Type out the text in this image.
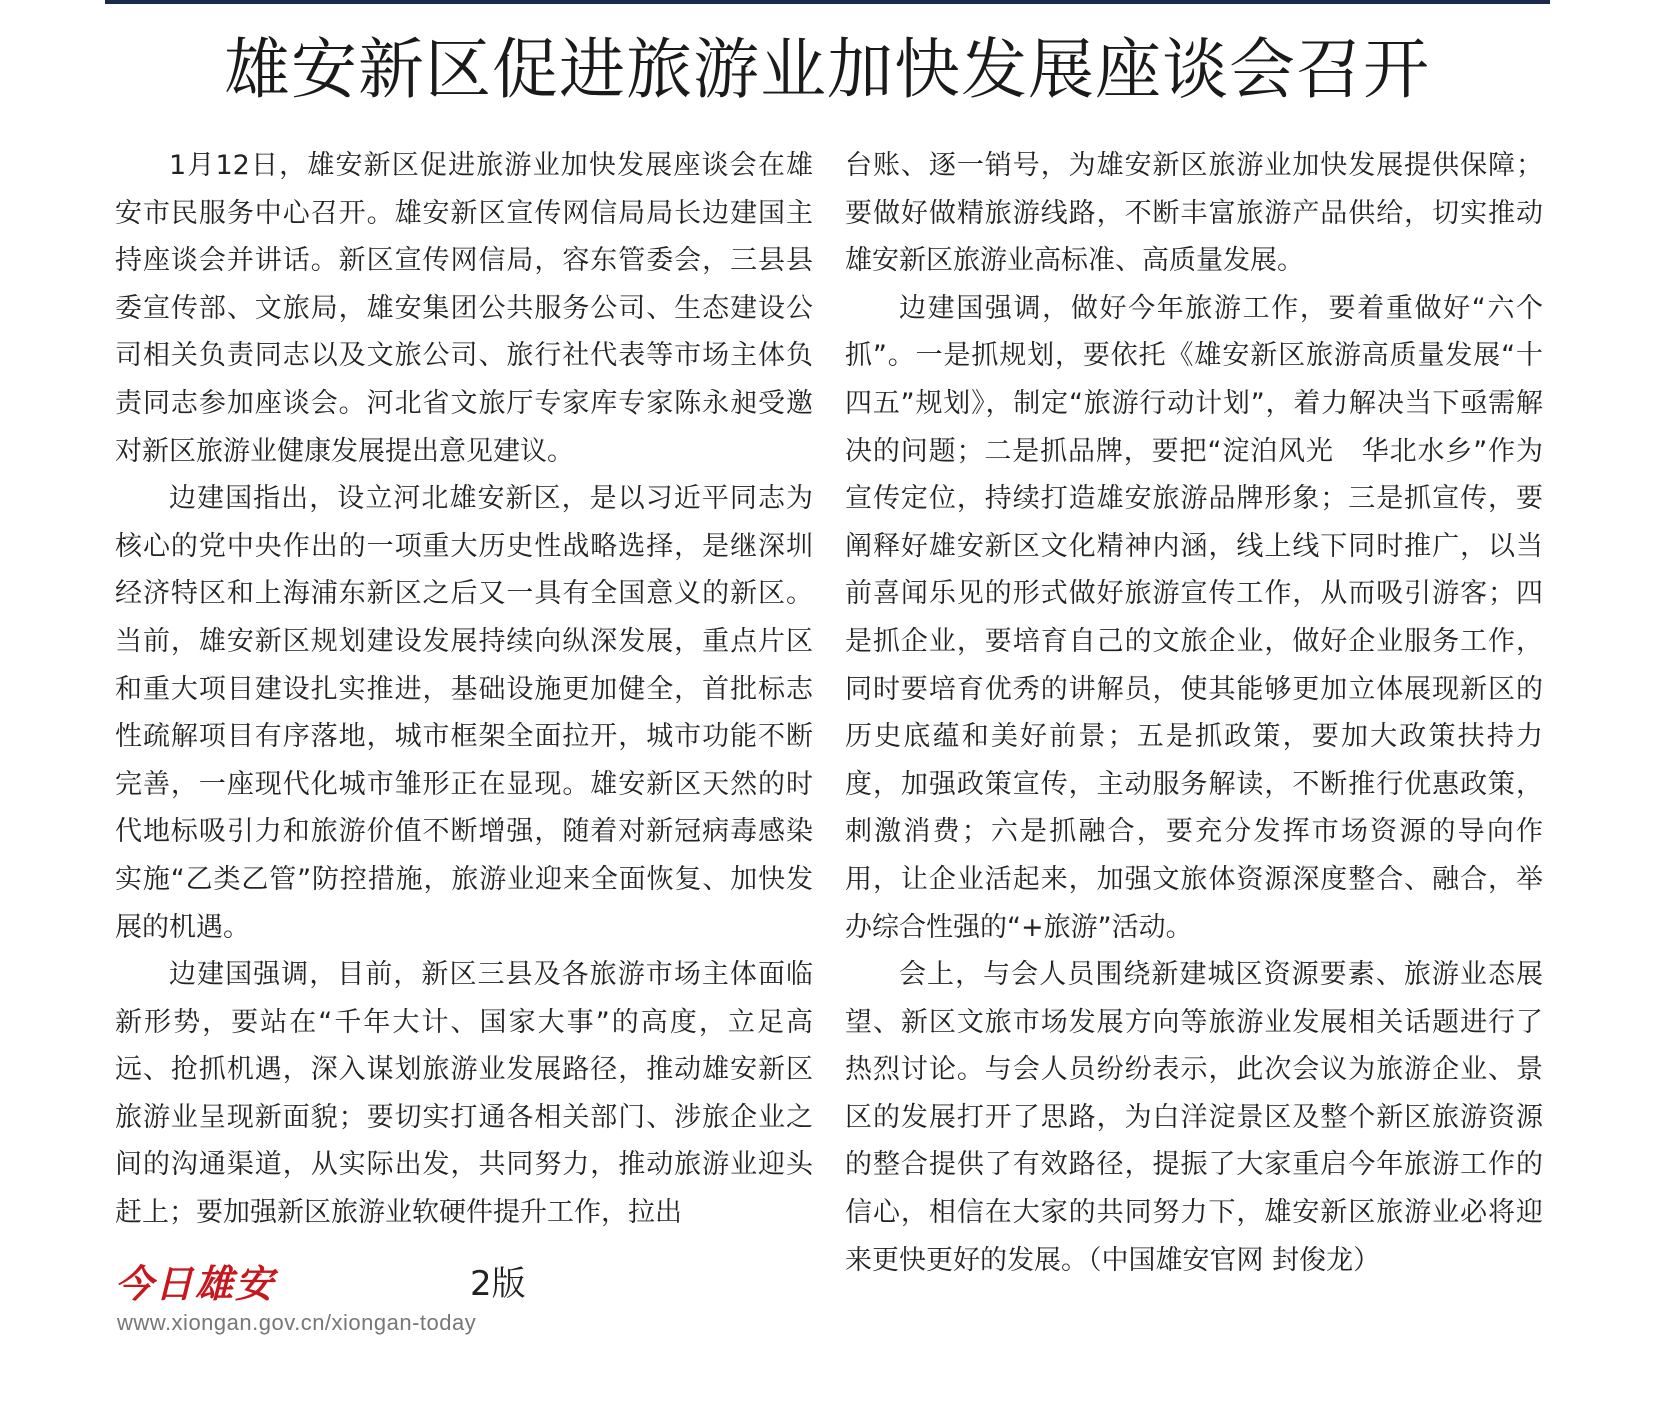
雄安新区促进旅游业加快发展座谈会召开

1月12日，雄安新区促进旅游业加快发展座谈会在雄安市民服务中心召开。雄安新区宣传网信局局长边建国主持座谈会并讲话。新区宣传网信局，容东管委会，三县县委宣传部、文旅局，雄安集团公共服务公司、生态建设公司相关负责同志以及文旅公司、旅行社代表等市场主体负责同志参加座谈会。河北省文旅厅专家库专家陈永昶受邀对新区旅游业健康发展提出意见建议。

边建国指出，设立河北雄安新区，是以习近平同志为核心的党中央作出的一项重大历史性战略选择，是继深圳经济特区和上海浦东新区之后又一具有全国意义的新区。当前，雄安新区规划建设发展持续向纵深发展，重点片区和重大项目建设扎实推进，基础设施更加健全，首批标志性疏解项目有序落地，城市框架全面拉开，城市功能不断完善，一座现代化城市雏形正在显现。雄安新区天然的时代地标吸引力和旅游价值不断增强，随着对新冠病毒感染实施“乙类乙管”防控措施，旅游业迎来全面恢复、加快发展的机遇。

边建国强调，目前，新区三县及各旅游市场主体面临新形势，要站在“千年大计、国家大事”的高度，立足高远、抢抓机遇，深入谋划旅游业发展路径，推动雄安新区旅游业呈现新面貌；要切实打通各相关部门、涉旅企业之间的沟通渠道，从实际出发，共同努力，推动旅游业迎头赶上；要加强新区旅游业软硬件提升工作，拉出

台账、逐一销号，为雄安新区旅游业加快发展提供保障；要做好做精旅游线路，不断丰富旅游产品供给，切实推动雄安新区旅游业高标准、高质量发展。

边建国强调，做好今年旅游工作，要着重做好“六个抓”。一是抓规划，要依托《雄安新区旅游高质量发展“十四五”规划》，制定“旅游行动计划”，着力解决当下亟需解决的问题；二是抓品牌，要把“淀泊风光　华北水乡”作为宣传定位，持续打造雄安旅游品牌形象；三是抓宣传，要阐释好雄安新区文化精神内涵，线上线下同时推广，以当前喜闻乐见的形式做好旅游宣传工作，从而吸引游客；四是抓企业，要培育自己的文旅企业，做好企业服务工作，同时要培育优秀的讲解员，使其能够更加立体展现新区的历史底蕴和美好前景；五是抓政策，要加大政策扶持力度，加强政策宣传，主动服务解读，不断推行优惠政策，刺激消费；六是抓融合，要充分发挥市场资源的导向作用，让企业活起来，加强文旅体资源深度整合、融合，举办综合性强的“+旅游”活动。

会上，与会人员围绕新建城区资源要素、旅游业态展望、新区文旅市场发展方向等旅游业发展相关话题进行了热烈讨论。与会人员纷纷表示，此次会议为旅游企业、景区的发展打开了思路，为白洋淀景区及整个新区旅游资源的整合提供了有效路径，提振了大家重启今年旅游工作的信心，相信在大家的共同努力下，雄安新区旅游业必将迎来更快更好的发展。（中国雄安官网 封俊龙）

今日雄安	2版
www.xiongan.gov.cn/xiongan-today
